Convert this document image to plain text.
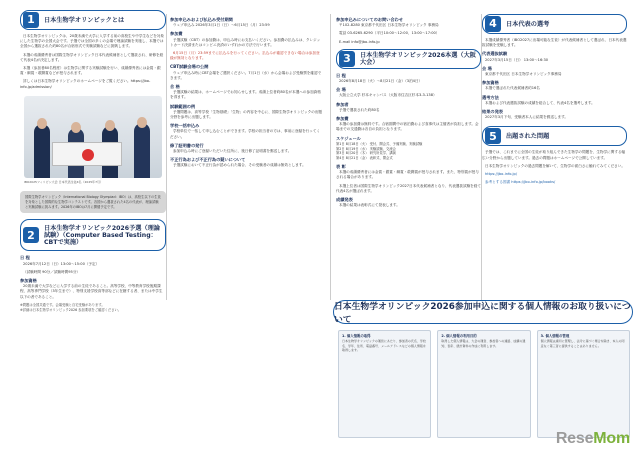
1	日本生物学オリンピックとは
日本生物学オリンピックは、20歳未満で大学に入学する前の高校生や中学生などを対象にした生物学の全国大会です。予選では全国の多くの会場で理論試験を実施し、本選では全国から選抜された約80名が合宿形式で実験試験などに挑戦します。
本選の成績優秀者は国際生物学オリンピック日本代表候補者として選抜され、研修を経て代表4名が決定します。
本選（参加者80名程度）は生物学に関する実験試験を行い、成績優秀者には金賞・銀賞・銅賞・敢闘賞などが授与されます。
詳しくは日本生物学オリンピックのホームページをご覧ください。https://jbo-info.jp/admission/
IBO2025フィリピン大会 日本代表生徒4名（2025年7月）
国際生物学オリンピック（International Biology Olympiad：IBO）は、高校生以下の生徒を対象とした国際的な生物学コンテストです。各国から選抜された4名の代表が、理論試験と実験試験に挑みます。2026年のIBOは7月に開催予定です。
2
日本生物学オリンピック2026予選（理論試験）（Computer Based Testing：CBTで実施）
日 程
2026年7月12日（日）13:00〜15:00（予定）
（試験時間 90分／試験時間95分）
参加資格
20歳未満で大学などに入学する前の生徒であること。高等学校、中等教育学校後期課程、高等専門学校（3年生まで）、特別支援学校高等部などに在籍する者、または中学生以下の者であること。
※問題は全国共通です。会場受験と自宅受験があります。
※詳細は日本生物学オリンピック2026 参加要項をご確認ください。
参加申込みおよび払込み受付期間
ウェブ申込み 2026年3月1日（日）〜6月15日（月）23:59
参加費
予選試験（CBT）の参加費は、申込み時にお支払いください。参加費の払込みは、クレジットカード決済またはコンビニ決済のいずれかの方法で行います。
6月15日（月）23:59までに払込みを行ってください。払込みが確認できない場合は参加登録が無効となります。
CBT試験会場の公開
ウェブ申込み時にCBT会場をご選択ください。7月1日（水）から会場および受験票を確認できます。
合 格
予選試験の結果は、ホームページでお知らせします。成績上位者約80名が本選への参加資格を得ます。
試験範囲の例
予選問題は、高等学校「生物基礎」「生物」の内容を中心に、国際生物学オリンピックの出題分野を参考に出題します。
学校一括申込み
学校単位で一括して申し込むことができます。学校の担当者の方は、事前に登録を行ってください。
修了証明書の発行
参加申込み時にご登録いただいた住所に、後日修了証明書を郵送します。
不正行為および不正行為の疑いについて
予選試験において不正行為が認められた場合、その受験者の成績は無効とします。
参加申込みについてのお問い合わせ
〒102-8280 東京都千代田区 日本生物学オリンピック 事務局
電話 03-6265-6290（平日10:00〜12:00、13:00〜17:00）
E-mail info@jbo-info.jp
3	日本生物学オリンピック2026本選（大阪大会）
日 程
2026年8月18日（火）〜8月21日（金）（3泊4日）
会 場
大阪公立大学 杉本キャンパス（大阪市住吉区杉本3-3-138）
参加者
予選で選抜された約80名
参加費
本選の参加費は無料です。合宿期間中の宿泊費および食事代は主催者が負担します。会場までの交通費は各自の負担となります。
スケジュール
第1日 8月18日（火） 受付、開会式、予備実験、実験試験
第2日 8月19日（水） 実験試験、交流会
第3日 8月20日（木） 研究所見学、講演
第4日 8月21日（金） 表彰式、閉会式
表 彰
本選の成績優秀者には金賞・銀賞・銅賞・敢闘賞が授与されます。また、特別賞が授与される場合があります。
本選上位者は国際生物学オリンピック2027日本代表候補者となり、代表選抜試験を経て代表4名が選ばれます。
成績発表
本選の結果は表彰式にて発表します。
4	日本代表の選考
本選成績優秀者（IBO2027に出場可能な生徒）が代表候補者として選ばれ、日本代表選抜試験を受験します。
代表選抜試験
2027年3月15日（日） 13:00〜16:30
会 場
東京都千代田区 日本生物学オリンピック事務局
参加資格
本選で選ばれた代表候補者約16名
選考方法
本選および代表選抜試験の成績を総合して、代表4名を選考します。
結果の発表
2027年3月下旬、受験者本人に結果を郵送します。
5	出題された問題
予選では、これまでに全国の生徒が取り組んできた生物学の問題を、生物学に関する幅広い分野から出題しています。過去の問題はホームページで公開しています。
日本生物学オリンピックの過去問題を解いて、生物学の面白さに触れてみてください。
https://jbo-info.jp/
参考とする図書 https://jbo-info.jp/books/
日本生物学オリンピック2026参加申込に関する個人情報のお取り扱いについて
1. 個人情報の取得
日本生物学オリンピックの運営にあたり、参加者の氏名、学校名、学年、住所、電話番号、メールアドレスなどの個人情報を取得します。
2. 個人情報の利用目的
取得した個人情報は、大会の運営、参加者への連絡、成績の通知、表彰、統計資料の作成に利用します。
3. 個人情報の管理
個人情報は適切に管理し、法令に基づく場合を除き、本人の同意なく第三者に提供することはありません。
ReseMom
